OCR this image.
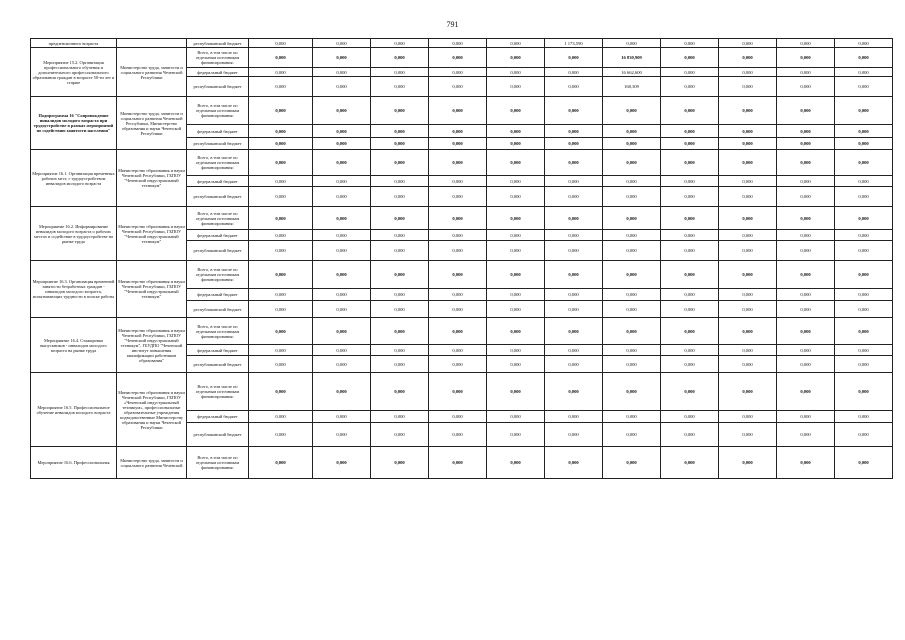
791
предпенсионного возраста		республиканский бюджет	0,000	0,000	0,000	0,000	0,000	1 173,590	0,000	0,000	0,000	0,000	0,000
Мероприятие 15.2. Организация профессионального обучения и дополнительного профессионального образования граждан в возрасте 50-ти лет и старше	Министерство труда, занятости и социального развития Чеченской Республики	Всего, в том числе по отдельным источникам финансирования:	0,000	0,000	0,000	0,000	0,000	0,000	16 830,909	0,000	0,000	0,000	0,000
		федеральный бюджет	0,000	0,000	0,000	0,000	0,000	0,000	16 662,600	0,000	0,000	0,000	0,000
		республиканский бюджет	0,000	0,000	0,000	0,000	0,000	0,000	168,309	0,000	0,000	0,000	0,000
Подпрограмма 16 "Сопровождение инвалидов молодого возраста при трудоустройстве в рамках мероприятий по содействию занятости населения"	Министерство труда, занятости и социального развития Чеченской Республики, Министерство образования и науки Чеченской Республики	Всего, в том числе по отдельным источникам финансирования:	0,000	0,000	0,000	0,000	0,000	0,000	0,000	0,000	0,000	0,000	0,000
		федеральный бюджет	0,000	0,000	0,000	0,000	0,000	0,000	0,000	0,000	0,000	0,000	0,000
		республиканский бюджет	0,000	0,000	0,000	0,000	0,000	0,000	0,000	0,000	0,000	0,000	0,000
Мероприятие 16.1. Организация временных рабочих мест, с трудоустройством инвалидов молодого возраста	Министерство образования и науки Чеченской Республики, ГБПОУ "Чеченский индустриальный техникум"	Всего, в том числе по отдельным источникам финансирования:	0,000	0,000	0,000	0,000	0,000	0,000	0,000	0,000	0,000	0,000	0,000
		федеральный бюджет	0,000	0,000	0,000	0,000	0,000	0,000	0,000	0,000	0,000	0,000	0,000
		республиканский бюджет	0,000	0,000	0,000	0,000	0,000	0,000	0,000	0,000	0,000	0,000	0,000
Мероприятие 16.2. Информирование инвалидов молодого возраста о рабочих местах и содействие в трудоустройстве на рынке труда	Министерство образования и науки Чеченской Республики, ГБПОУ "Чеченский индустриальный техникум"	Всего, в том числе по отдельным источникам финансирования:	0,000	0,000	0,000	0,000	0,000	0,000	0,000	0,000	0,000	0,000	0,000
		федеральный бюджет	0,000	0,000	0,000	0,000	0,000	0,000	0,000	0,000	0,000	0,000	0,000
		республиканский бюджет	0,000	0,000	0,000	0,000	0,000	0,000	0,000	0,000	0,000	0,000	0,000
Мероприятие 16.3. Организация временной занятости безработных граждан - инвалидов молодого возраста, испытывающих трудности в поиске работы	Министерство образования и науки Чеченской Республики, ГБПОУ "Чеченский индустриальный техникум"	Всего, в том числе по отдельным источникам финансирования:	0,000	0,000	0,000	0,000	0,000	0,000	0,000	0,000	0,000	0,000	0,000
		федеральный бюджет	0,000	0,000	0,000	0,000	0,000	0,000	0,000	0,000	0,000	0,000	0,000
		республиканский бюджет	0,000	0,000	0,000	0,000	0,000	0,000	0,000	0,000	0,000	0,000	0,000
Мероприятие 16.4. Стажировка выпускников - инвалидов молодого возраста на рынке труда	Министерство образования и науки Чеченской Республики, ГБПОУ "Чеченский индустриальный техникум", ГБУДПО "Чеченский институт повышения квалификации работников образования"	Всего, в том числе по отдельным источникам финансирования:	0,000	0,000	0,000	0,000	0,000	0,000	0,000	0,000	0,000	0,000	0,000
		федеральный бюджет	0,000	0,000	0,000	0,000	0,000	0,000	0,000	0,000	0,000	0,000	0,000
		республиканский бюджет	0,000	0,000	0,000	0,000	0,000	0,000	0,000	0,000	0,000	0,000	0,000
Мероприятие 16.5. Профессиональное обучение инвалидов молодого возраста	Министерство образования и науки Чеченской Республики, ГБПОУ «Чеченский индустриальный техникум», профессиональные образовательные учреждения подведомственные Министерству образования и науки Чеченской Республики	Всего, в том числе по отдельным источникам финансирования:	0,000	0,000	0,000	0,000	0,000	0,000	0,000	0,000	0,000	0,000	0,000
		федеральный бюджет	0,000	0,000	0,000	0,000	0,000	0,000	0,000	0,000	0,000	0,000	0,000
		республиканский бюджет	0,000	0,000	0,000	0,000	0,000	0,000	0,000	0,000	0,000	0,000	0,000
Мероприятие 16.6. Профессиональная	Министерство труда, занятости и социального развития Чеченской	Всего, в том числе по отдельным источникам финансирования:	0,000	0,000	0,000	0,000	0,000	0,000	0,000	0,000	0,000	0,000	0,000
